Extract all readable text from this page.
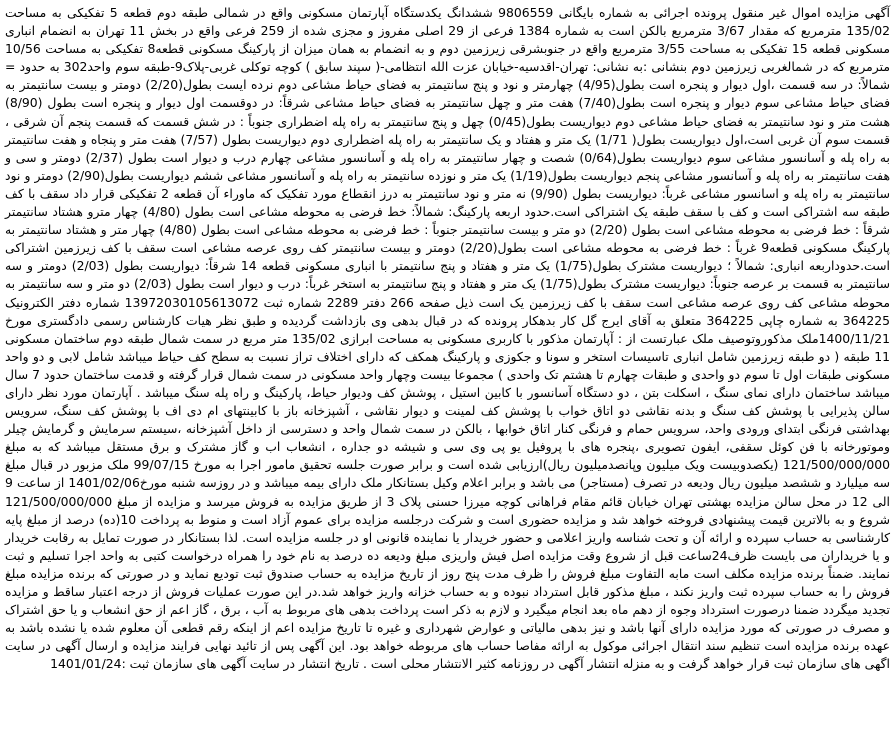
آگهی مزایده اموال غیر منقول پرونده اجرائی به شماره بایگانی 9806559 ششدانگ یکدستگاه آپارتمان مسکونی واقع در شمالی طبقه دوم قطعه 5 تفکیکی به مساحت 135/02 مترمربع که مقدار 3/67 مترمربع بالکن است به شماره 1384 فرعی از 29 اصلی مفروز و مجزی شده از 259 فرعی واقع در بخش 11 تهران به انضمام انباری مسکونی قطعه 15 تفکیکی به مساحت 3/55 مترمربع واقع در جنوبشرقی زیرزمین دوم و به انضمام به همان میزان از پارکینگ مسکونی قطعه8 تفکیکی به مساحت 10/56 مترمربع که در شمالغربی زیرزمین دوم بنشانی :به نشانی: تهران-اقدسیه-خیابان عزت الله انتظامی-( سپند سابق ) کوچه توکلی غربی-پلاک9-طبقه سوم واحد302 به حدود = شمالاً: در سه قسمت ،اول دیوار و پنجره است بطول(4/95) چهارمتر و نود و پنج سانتیمتر به فضای حیاط مشاعی دوم نرده ایست بطول(2/20) دومتر و بیست سانتیمتر به فضای حیاط مشاعی سوم دیوار و پنجره است بطول(7/40) هفت متر و چهل سانتیمتر به فضای حیاط مشاعی شرقاً: در دوقسمت اول دیوار و پنجره است بطول (8/90) هشت متر و نود سانتیمتر به فضای حیاط مشاعی دوم دیواریست بطول(0/45) چهل و پنج سانتیمتر به راه پله اضطراری جنوباً : در شش قسمت که قسمت پنجم آن شرقی ، قسمت سوم آن غربی است،اول دیواریست بطول( 1/71) یک متر و هفتاد و یک سانتیمتر به راه پله اضطراری دوم دیواریست بطول (7/57) هفت متر و پنجاه و هفت سانتیمتر به راه پله و آسانسور مشاعی سوم دیواریست بطول(0/64) شصت و چهار سانتیمتر به راه پله و آسانسور مشاعی چهارم درب و دیوار است بطول (2/37) دومتر و سی و هفت سانتیمتر به راه پله و آسانسور مشاعی پنجم دیواریست بطول(1/19) یک متر و نوزده سانتیمتر به راه پله و آسانسور مشاعی ششم دیواریست بطول(2/90) دومتر و نود سانتیمتر به راه پله و اسانسور مشاعی غرباً: دیواریست بطول (9/90) نه متر و نود سانتیمتر به درز انقطاع مورد تفکیک که ماوراء آن قطعه 2 تفکیکی قرار داد سقف با کف طبقه سه اشتراکی است و کف با سقف طبقه یک اشتراکی است.حدود اربعه پارکینگ: شمالاً: خط فرضی به محوطه مشاعی است بطول (4/80) چهار مترو هشتاد سانتیمتر شرقاً : خط فرضی به محوطه مشاعی است بطول (2/20) دو متر و بیست سانتیمتر جنوباً : خط فرضی به محوطه مشاعی است بطول (4/80) چهار متر و هشتاد سانتیمتر به پارکینگ مسکونی قطعه9 غرباً : خط فرضی به محوطه مشاعی است بطول(2/20) دومتر و بیست سانتیمتر کف روی عرصه مشاعی است سقف با کف زیرزمین اشتراکی است.حدوداربعه انباری: شمالاً ؛ دیواریست مشترک بطول(1/75) یک متر و هفتاد و پنج سانتیمتر با انباری مسکونی قطعه 14 شرقاً: دیواریست بطول (2/03) دومتر و سه سانتیمتر به قسمت بر عرصه جنوباً: دیواریست مشترک بطول(1/75) یک متر و هفتاد و پنج سانتیمتر به استخر غرباً: درب و دیوار است بطول (2/03) دو متر و سه سانتیمتر به محوطه مشاعی کف روی عرصه مشاعی است سقف با کف زیرزمین یک است ذیل صفحه 266 دفتر 2289 شماره ثبت 13972030105613072 شماره دفتر الکترونیک 364225 به شماره چاپی 364225 متعلق به آقای ایرج گل کار بدهکار پرونده که در قبال بدهی وی بازداشت گردیده و طبق نظر هیات کارشناس رسمی دادگستری مورخ 1400/11/21ملک مذکوروتوصیف ملک عبارتست از : آپارتمان مذکور با کاربری مسکونی به مساحت ابرازی 135/02 متر مربع در سمت شمال طبقه دوم ساختمان مسکونی 11 طبقه ( دو طبقه زیرزمین شامل انباری تاسیسات استخر و سونا و جکوزی و پارکینگ همکف که دارای اختلاف تراز نسبت به سطح کف حیاط میباشد شامل لابی و دو واحد مسکونی طبقات اول تا سوم دو واحدی و طبقات چهارم تا هشتم تک واحدی ) مجموعا بیست وچهار واحد مسکونی در سمت شمال قرار گرفته و قدمت ساختمان حدود 7 سال میباشد ساختمان دارای نمای سنگ ، اسکلت بتن ، دو دستگاه آسانسور با کابین استیل ، پوشش کف ودیوار حیاط، پارکینگ و راه پله سنگ میباشد . آپارتمان مورد نظر دارای سالن پذیرایی با پوشش کف سنگ و بدنه نقاشی دو اتاق خواب با پوشش کف لمینت و دیوار نقاشی ، آشپزخانه باز با کابینتهای ام دی اف با پوشش کف سنگ، سرویس بهداشتی فرنگی ابتدای ورودی واحد، سرویس حمام و فرنگی کنار اتاق خوابها ، بالکن در سمت شمال واحد و دسترسی از داخل آشپزخانه ،سیستم سرمایش و گرمایش چیلر وموتورخانه با فن کوئل سقفی، ایفون تصویری ،پنجره های با پروفیل یو پی وی سی و شیشه دو جداره ، انشعاب اب و گاز مشترک و برق مستقل میباشد که به مبلغ 121/500/000/000 (یکصدوبیست ویک میلیون وپانصدمیلیون ریال)ارزیابی شده است و برابر صورت جلسه تحقیق مامور اجرا به مورخ 99/07/15 ملک مزبور در قبال مبلغ سه میلیارد و ششصد میلیون ریال ودیعه در تصرف (مستاجر) می باشد و برابر اعلام وکیل بستانکار ملک دارای بیمه میباشد و در روزسه شنبه مورخ1401/02/06 از ساعت 9 الی 12 در محل سالن مزایده بهشتی تهران خیابان قائم مقام فراهانی کوچه میرزا حسنی پلاک 3 از طریق مزایده به فروش میرسد و مزایده از مبلغ 121/500/000/000 شروع و به بالاترین قیمت پیشنهادی فروخته خواهد شد و مزایده حضوری است و شرکت درجلسه مزایده برای عموم آزاد است و منوط به پرداخت 10(ده) درصد از مبلغ پایه کارشناسی به حساب سپرده و ارائه آن و تحت شناسه واریز اعلامی و حضور خریدار یا نماینده قانونی او در جلسه مزایده است. لذا بستانکار در صورت تمایل به رقابت خریدار و یا خریداران می بایست ظرف24ساعت قبل از شروع وقت مزایده اصل فیش واریزی مبلغ ودیعه ده درصد به نام خود را همراه درخواست کتبی به واحد اجرا تسلیم و ثبت نمایند. ضمناً برنده مزایده مکلف است مابه التفاوت مبلغ فروش را ظرف مدت پنج روز از تاریخ مزایده به حساب صندوق ثبت تودیع نماید و در صورتی که برنده مزایده مبلغ فروش را به حساب سپرده ثبت واریز نکند ، مبلغ مذکور قابل استرداد نبوده و به حساب خزانه واریز خواهد شد.در این صورت عملیات فروش از درجه اعتبار ساقط و مزایده تجدید میگردد ضمنا درصورت استرداد وجوه از دهم ماه بعد انجام میگیرد و لازم به ذکر است پرداخت بدهی های مربوط به آب ، برق ، گاز اعم از حق انشعاب و یا حق اشتراک و مصرف در صورتی که مورد مزایده دارای آنها باشد و نیز بدهی مالیاتی و عوارض شهرداری و غیره تا تاریخ مزایده اعم از اینکه رقم قطعی آن معلوم شده یا نشده باشد به عهده برنده مزایده است تنظیم سند انتقال اجرائی موکول به ارائه مفاصا حساب های مربوطه خواهد بود. این آگهی پس از تائید نهایی فرایند مزایده و ارسال آگهی در سایت اگهی های سازمان ثبت قرار خواهد گرفت و به منزله انتشار آگهی در روزنامه کثیر الانتشار محلی است . تاریخ انتشار در سایت آگهی های سازمان ثبت :1401/01/24
